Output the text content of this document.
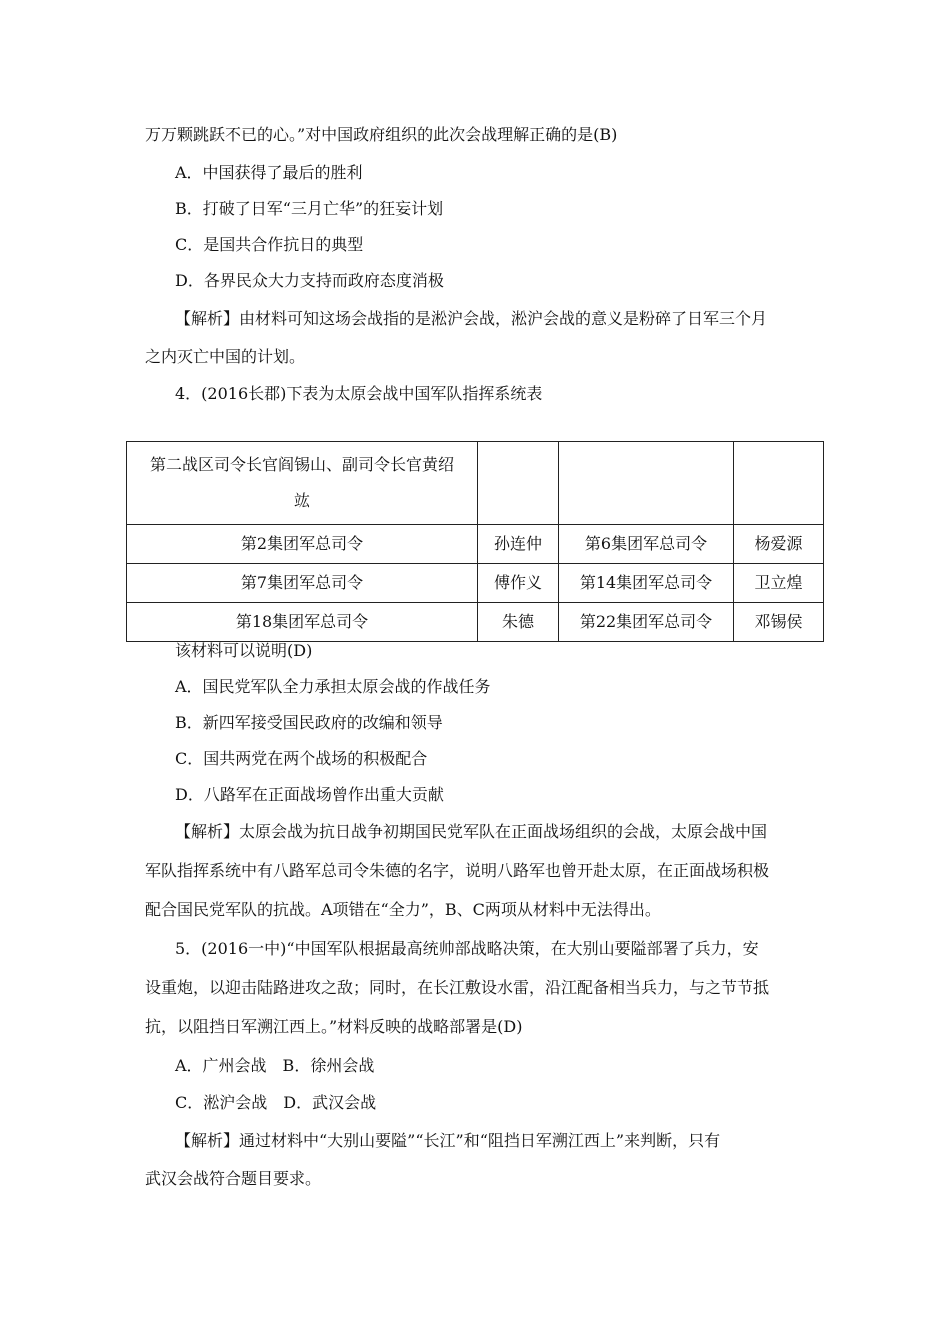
万万颗跳跃不已的心。”对中国政府组织的此次会战理解正确的是(B)
A．中国获得了最后的胜利
B．打破了日军“三月亡华”的狂妄计划
C．是国共合作抗日的典型
D．各界民众大力支持而政府态度消极
【解析】由材料可知这场会战指的是淞沪会战，淞沪会战的意义是粉碎了日军三个月
之内灭亡中国的计划。
4．(2016长郡)下表为太原会战中国军队指挥系统表
第二战区司令长官阎锡山、副司令长官黄绍
竑			

第2集团军总司令	孙连仲	第6集团军总司令	杨爱源
第7集团军总司令	傅作义	第14集团军总司令	卫立煌
第18集团军总司令	朱德	第22集团军总司令	邓锡侯
该材料可以说明(D)
A．国民党军队全力承担太原会战的作战任务
B．新四军接受国民政府的改编和领导
C．国共两党在两个战场的积极配合
D．八路军在正面战场曾作出重大贡献
【解析】太原会战为抗日战争初期国民党军队在正面战场组织的会战，太原会战中国
军队指挥系统中有八路军总司令朱德的名字，说明八路军也曾开赴太原，在正面战场积极
配合国民党军队的抗战。A项错在“全力”，B、C两项从材料中无法得出。
5．(2016一中)“中国军队根据最高统帅部战略决策，在大别山要隘部署了兵力，安
设重炮，以迎击陆路进攻之敌；同时，在长江敷设水雷，沿江配备相当兵力，与之节节抵
抗，以阻挡日军溯江西上。”材料反映的战略部署是(D)
A．广州会战　B．徐州会战
C．淞沪会战　D．武汉会战
【解析】通过材料中“大别山要隘”“长江”和“阻挡日军溯江西上”来判断，只有
武汉会战符合题目要求。
